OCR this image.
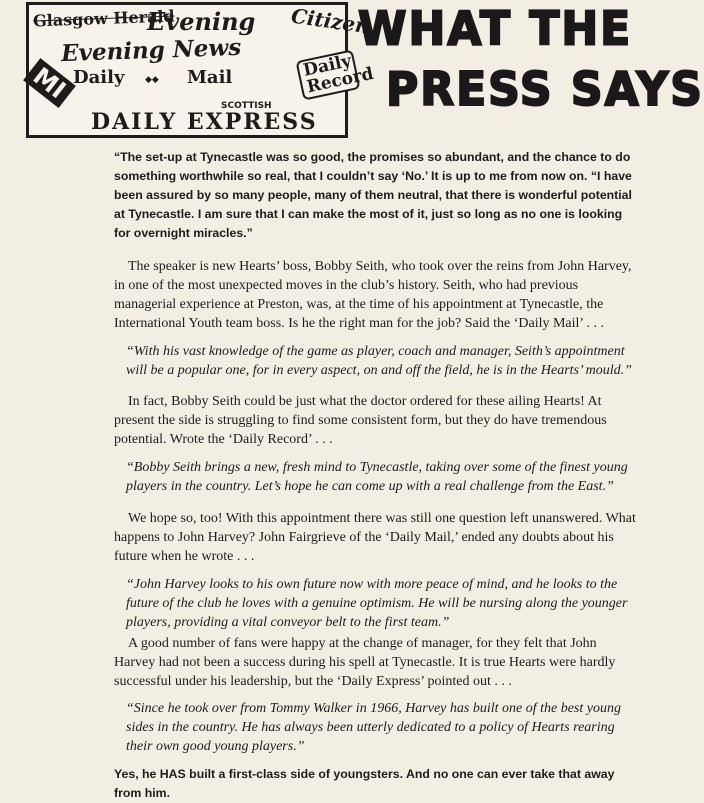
Glasgow Herald
Evening Citizen
Evening News
MI Daily ◆◆ Mail	Daily Record
SCOTTISH
DAILY EXPRESS
WHAT THE
PRESS SAYS

“The set-up at Tynecastle was so good, the promises so abundant, and the chance to do something worthwhile so real, that I couldn’t say ‘No.’ It is up to me from now on. “I have been assured by so many people, many of them neutral, that there is wonderful potential at Tynecastle. I am sure that I can make the most of it, just so long as no one is looking for overnight miracles.”

The speaker is new Hearts’ boss, Bobby Seith, who took over the reins from John Harvey, in one of the most unexpected moves in the club’s history. Seith, who had previous managerial experience at Preston, was, at the time of his appointment at Tynecastle, the International Youth team boss. Is he the right man for the job? Said the ‘Daily Mail’ . . .

“With his vast knowledge of the game as player, coach and manager, Seith’s appointment will be a popular one, for in every aspect, on and off the field, he is in the Hearts’ mould.”

In fact, Bobby Seith could be just what the doctor ordered for these ailing Hearts! At present the side is struggling to find some consistent form, but they do have tremendous potential. Wrote the ‘Daily Record’ . . .

“Bobby Seith brings a new, fresh mind to Tynecastle, taking over some of the finest young players in the country. Let’s hope he can come up with a real challenge from the East.”

We hope so, too! With this appointment there was still one question left unanswered. What happens to John Harvey? John Fairgrieve of the ‘Daily Mail,’ ended any doubts about his future when he wrote . . .

“John Harvey looks to his own future now with more peace of mind, and he looks to the future of the club he loves with a genuine optimism. He will be nursing along the younger players, providing a vital conveyor belt to the first team.”

A good number of fans were happy at the change of manager, for they felt that John Harvey had not been a success during his spell at Tynecastle. It is true Hearts were hardly successful under his leadership, but the ‘Daily Express’ pointed out . . .

“Since he took over from Tommy Walker in 1966, Harvey has built one of the best young sides in the country. He has always been utterly dedicated to a policy of Hearts rearing their own good young players.”

Yes, he HAS built a first-class side of youngsters. And no one can ever take that away from him.
